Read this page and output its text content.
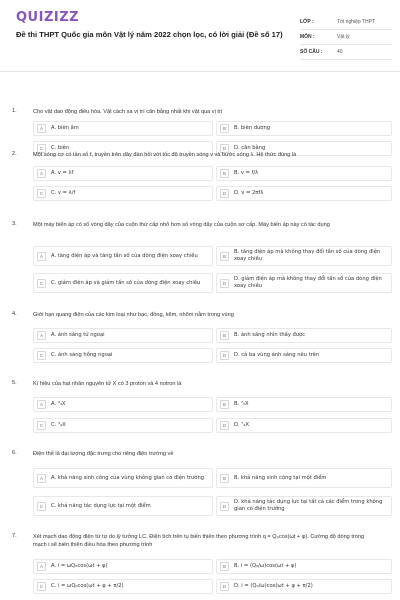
QUIZIZZ
Đề thi THPT Quốc gia môn Vật lý năm 2022 chọn lọc, có lời giải (Đề số 17)
LỚP :	Tốt nghiệp THPT
MÔN :	Vật lý
SỐ CÂU :	40
1.	Cho vật dao động điều hòa. Vật cách xa vị trí cân bằng nhất khi vật qua vị trí
A	A. biên âm	B	B. biên dương
C	C. biên	D	D. cân bằng
2.	Một sóng cơ có tần số f, truyền trên dây đàn hồi với tốc độ truyền sóng v và bước sóng λ. Hệ thức đúng là
A	A. v = λf	B	B. v = f/λ
C	C. v = λ/f	D	D. v = 2πfλ
3.	Một máy biến áp có số vòng dây của cuộn thứ cấp nhỏ hơn số vòng dây của cuộn sơ cấp. Máy biến áp này có tác dụng
A	A. tăng điện áp và tăng tần số của dòng điện xoay chiều	B
B. tăng điện áp mà không thay đổi tần số của dòng điện xoay chiều
C	C. giảm điện áp và giảm tần số của dòng điện xoay chiều	D
D. giảm điện áp mà không thay đổi tần số của dòng điện xoay chiều
4.	Giới hạn quang điện của các kim loại như bạc, đồng, kẽm, nhôm nằm trong vùng
A	A. ánh sáng tử ngoại	B	B. ánh sáng nhìn thấy được
C	C. ánh sáng hồng ngoại	D	D. cả ba vùng ánh sáng nêu trên
5.	Kí hiệu của hạt nhân nguyên tử X có 3 proton và 4 notron là
A	A. ⁴₃X	B	B. ⁷₃X
C	C. ³₄X	D	D. ⁷₄X
6.	Điện thế là đại lượng đặc trưng cho riêng điện trường về
A	A. khả năng sinh công của vùng không gian có điện trường	B	B. khả năng sinh công tại một điểm
C	C. khả năng tác dụng lực tại một điểm	D
D. khả năng tác dụng lực tại tất cả các điểm trong không gian có điện trường
7.	Xét mạch dao động điện từ tự do lý tưởng LC. Điện tích trên tụ biến thiên theo phương trình q = Q₀cos(ωt + φ). Cường độ dòng trong mạch i sẽ biến thiên điều hòa theo phương trình
A	A. i = ωQ₀cos(ωt + φ)	B	B. i = (Q₀/ω)cos(ωt + φ)
C	C. i = ωQ₀cos(ωt + φ + π/2)	D	D. i = (Q₀/ω)cos(ωt + φ + π/2)
